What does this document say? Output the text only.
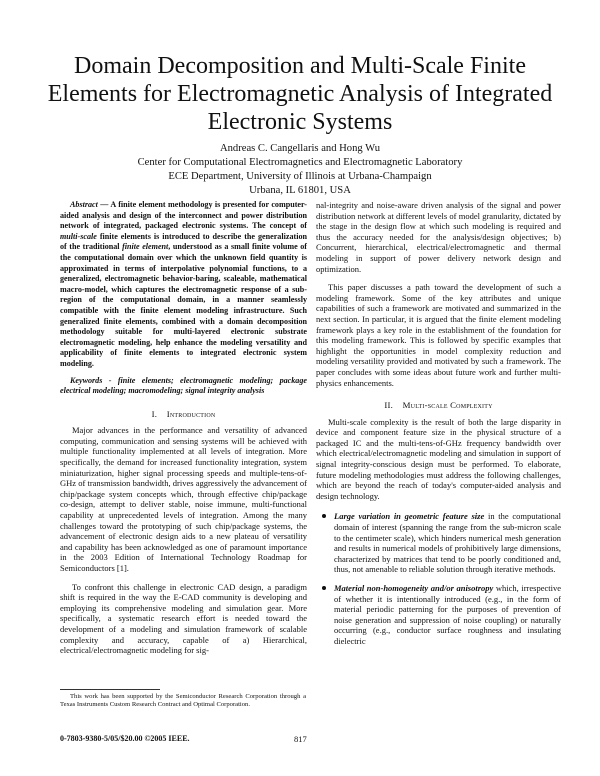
Domain Decomposition and Multi-Scale Finite Elements for Electromagnetic Analysis of Integrated Electronic Systems
Andreas C. Cangellaris and Hong Wu
Center for Computational Electromagnetics and Electromagnetic Laboratory
ECE Department, University of Illinois at Urbana-Champaign
Urbana, IL 61801, USA

Abstract — A finite element methodology is presented for computer-aided analysis and design of the interconnect and power distribution network of integrated, packaged electronic systems. The concept of multi-scale finite elements is introduced to describe the generalization of the traditional finite element, understood as a small finite volume of the computational domain over which the unknown field quantity is approximated in terms of interpolative polynomial functions, to a generalized, electromagnetic behavior-baring, scaleable, mathematical macro-model, which captures the electromagnetic response of a sub-region of the computational domain, in a manner seamlessly compatible with the finite element modeling infrastructure. Such generalized finite elements, combined with a domain decomposition methodology suitable for multi-layered electronic substrate electromagnetic modeling, help enhance the modeling versatility and applicability of finite elements to integrated electronic system modeling.

Keywords - finite elements; electromagnetic modeling; package electrical modeling; macromodeling; signal integrity analysis

I. Introduction

Major advances in the performance and versatility of advanced computing, communication and sensing systems will be achieved with multiple functionality implemented at all levels of integration. More specifically, the demand for increased functionality integration, system miniaturization, higher signal processing speeds and multiple-tens-of-GHz of transmission bandwidth, drives aggressively the advancement of chip/package system concepts which, through effective chip/package co-design, attempt to deliver stable, noise immune, multi-functional capability at unprecedented levels of integration. Among the many challenges toward the prototyping of such chip/package systems, the advancement of electronic design aids to a new plateau of versatility and capability has been acknowledged as one of paramount importance in the 2003 Edition of International Technology Roadmap for Semiconductors [1].

To confront this challenge in electronic CAD design, a paradigm shift is required in the way the E-CAD community is developing and employing its comprehensive modeling and simulation gear. More specifically, a systematic research effort is needed toward the development of a modeling and simulation framework of scalable complexity and accuracy, capable of a) Hierarchical, electrical/electromagnetic modeling for sig-

nal-integrity and noise-aware driven analysis of the signal and power distribution network at different levels of model granularity, dictated by the stage in the design flow at which such modeling is required and thus the accuracy needed for the analysis/design objectives; b) Concurrent, hierarchical, electrical/electromagnetic and thermal modeling in support of power delivery network design and optimization.

This paper discusses a path toward the development of such a modeling framework. Some of the key attributes and unique capabilities of such a framework are motivated and summarized in the next section. In particular, it is argued that the finite element modeling framework plays a key role in the establishment of the foundation for this modeling framework. This is followed by specific examples that highlight the opportunities in model complexity reduction and modeling versatility provided and motivated by such a framework. The paper concludes with some ideas about future work and further multi-physics enhancements.

II. Multi-scale Complexity

Multi-scale complexity is the result of both the large disparity in device and component feature size in the physical structure of a packaged IC and the multi-tens-of-GHz frequency bandwidth over which electrical/electromagnetic modeling and simulation in support of signal integrity-conscious design must be performed. To elaborate, future modeling methodologies must address the following challenges, which are beyond the reach of today's computer-aided analysis and design technology.

Large variation in geometric feature size in the computational domain of interest (spanning the range from the sub-micron scale to the centimeter scale), which hinders numerical mesh generation and results in numerical models of prohibitively large dimensions, characterized by matrices that tend to be poorly conditioned and, thus, not amenable to reliable solution through iterative methods.
Material non-homogeneity and/or anisotropy which, irrespective of whether it is intentionally introduced (e.g., in the form of material periodic patterning for the purposes of prevention of noise generation and suppression of noise coupling) or naturally occurring (e.g., conductor surface roughness and insulating dielectric
This work has been supported by the Semiconductor Research Corporation through a Texas Instruments Custom Research Contract and Optimal Corporation.
0-7803-9380-5/05/$20.00 ©2005 IEEE.	817
